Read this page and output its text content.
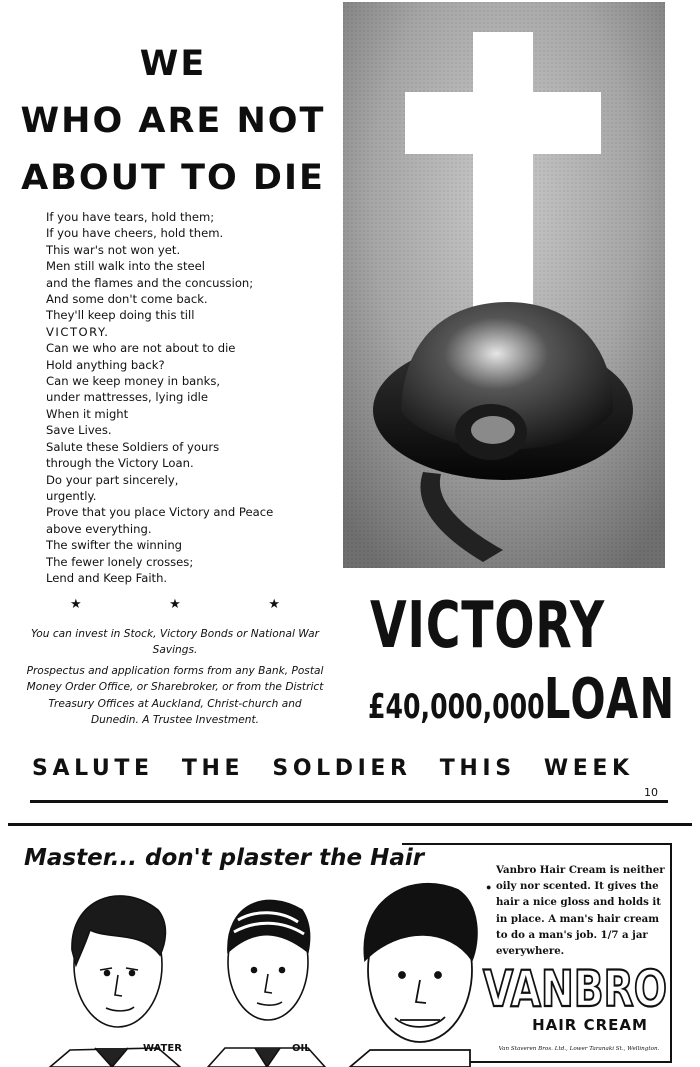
WE
WHO ARE NOT
ABOUT TO DIE
If you have tears, hold them;
If you have cheers, hold them.
This war's not won yet.
Men still walk into the steel
and the flames and the concussion;
And some don't come back.
They'll keep doing this till
VICTORY.
Can we who are not about to die
Hold anything back?
Can we keep money in banks,
under mattresses, lying idle
When it might
Save Lives.
Salute these Soldiers of yours
through the Victory Loan.
Do your part sincerely,
urgently.
Prove that you place Victory and Peace
above everything.
The swifter the winning
The fewer lonely crosses;
Lend and Keep Faith.
★	★	★
You can invest in Stock, Victory Bonds or National War Savings.
Prospectus and application forms from any Bank, Postal Money Order Office, or Sharebroker, or from the District Treasury Offices at Auckland, Christ-church and Dunedin. A Trustee Investment.
VICTORY
£40,000,000 LOAN
SALUTE THE SOLDIER THIS WEEK
10
Master... don't plaster the Hair
WATER	OIL
●
Vanbro Hair Cream is neither oily nor scented. It gives the hair a nice gloss and holds it in place. A man's hair cream to do a man's job. 1/7 a jar everywhere.
VANBRO
HAIR CREAM
Van Staveren Bros. Ltd., Lower Taranaki St., Wellington.
